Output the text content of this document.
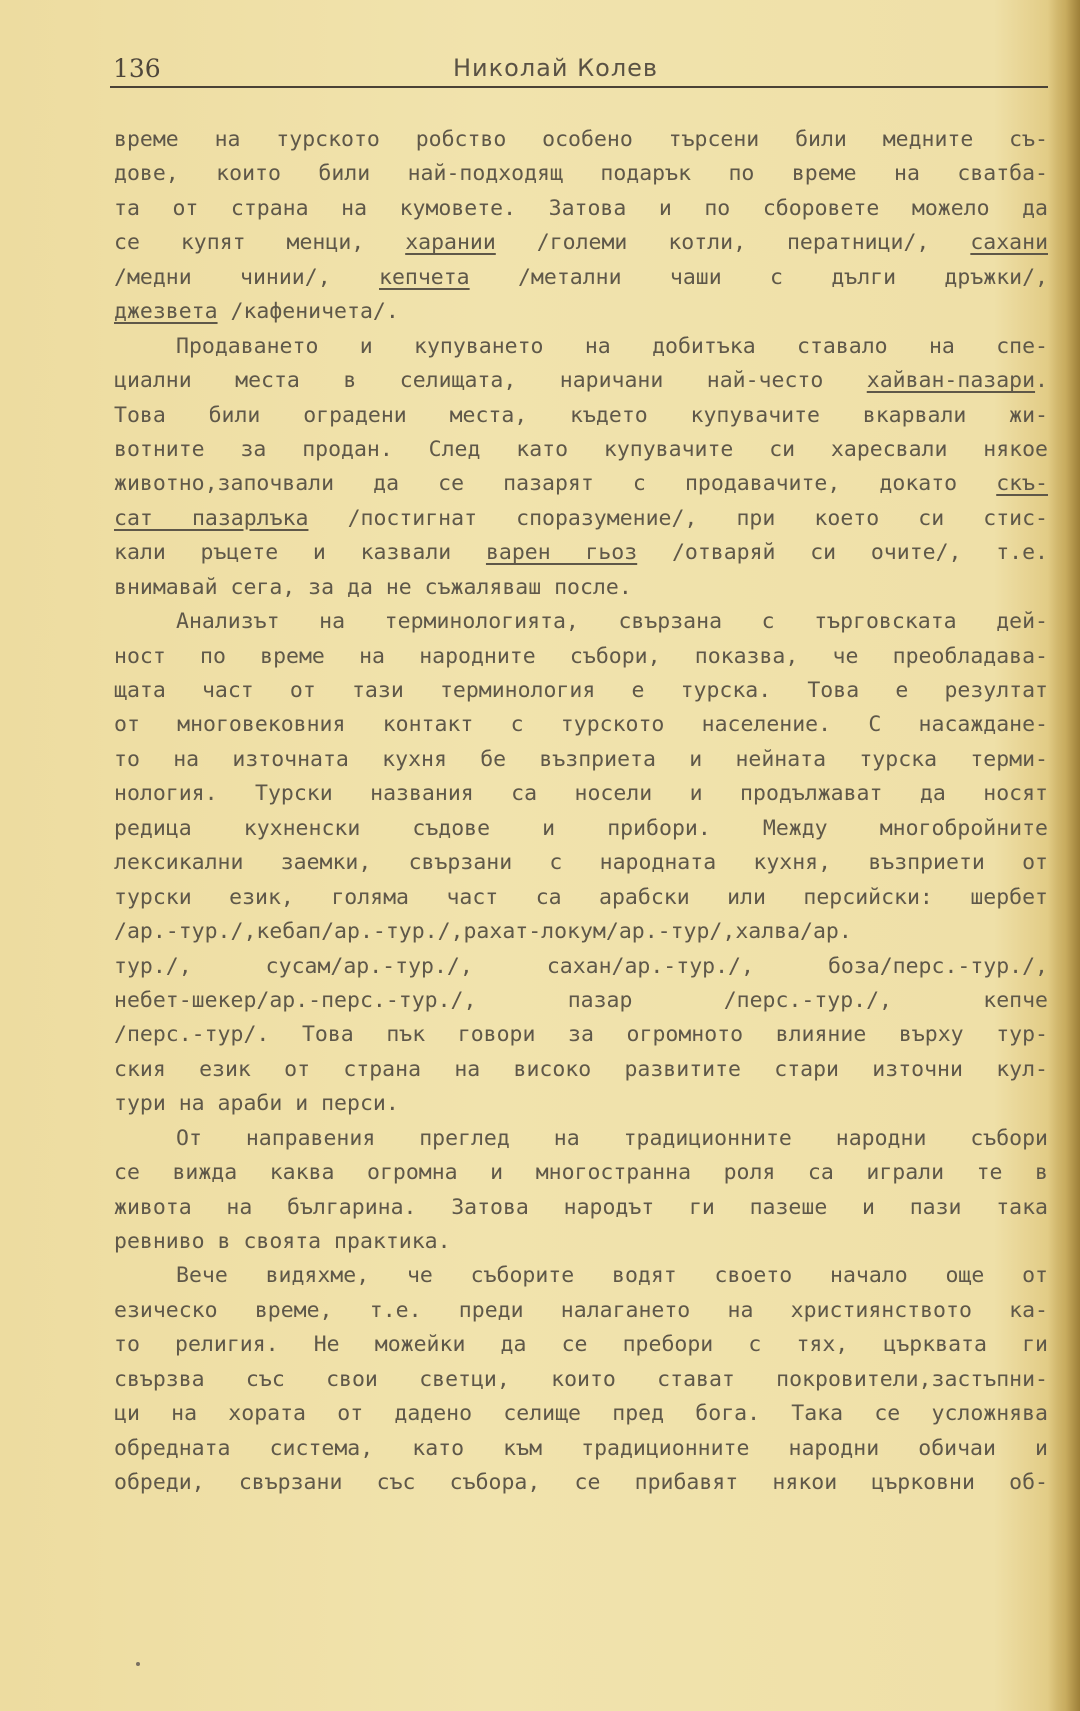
136	Николай Колев
време на турското робство особено търсени били медните съ-
дове, които били най-подходящ подарък по време на сватба-
та от страна на кумовете. Затова и по сборовете можело да
се купят менци, харании /големи котли, ператници/, сахани
/медни чинии/, кепчета /метални чаши с дълги дръжки/,
джезвета /кафеничета/.
Продаването и купуването на добитъка ставало на спе-
циални места в селищата, наричани най-често хайван-пазари.
Това били оградени места, където купувачите вкарвали жи-
вотните за продан. След като купувачите си харесвали някое
животно,започвали да се пазарят с продавачите, докато скъ-
сат пазарлъка /постигнат споразумение/, при което си стис-
кали ръцете и казвали варен гьоз /отваряй си очите/, т.е.
внимавай сега, за да не съжаляваш после.
Анализът на терминологията, свързана с търговската дей-
ност по време на народните събори, показва, че преобладава-
щата част от тази терминология е турска. Това е резултат
от многовековния контакт с турското население. С насаждане-
то на източната кухня бе възприета и нейната турска терми-
нология. Турски названия са носели и продължават да носят
редица кухненски съдове и прибори. Между многобройните
лексикални заемки, свързани с народната кухня, възприети от
турски език, голяма част са арабски или персийски: шербет
/ар.-тур./,кебап/ар.-тур./,рахат-локум/ар.-тур/,халва/ар.
тур./, сусам/ар.-тур./, сахан/ар.-тур./, боза/перс.-тур./,
небет-шекер/ар.-перс.-тур./, пазар /перс.-тур./, кепче
/перс.-тур/. Това пък говори за огромното влияние върху тур-
ския език от страна на високо развитите стари източни кул-
тури на араби и перси.
От направения преглед на традиционните народни събори
се вижда каква огромна и многостранна роля са играли те в
живота на българина. Затова народът ги пазеше и пази така
ревниво в своята практика.
Вече видяхме, че съборите водят своето начало още от
езическо време, т.е. преди налагането на християнството ка-
то религия. Не можейки да се пребори с тях, църквата ги
свързва със свои светци, които стават покровители,застъпни-
ци на хората от дадено селище пред бога. Така се усложнява
обредната система, като към традиционните народни обичаи и
обреди, свързани със събора, се прибавят някои църковни об-
